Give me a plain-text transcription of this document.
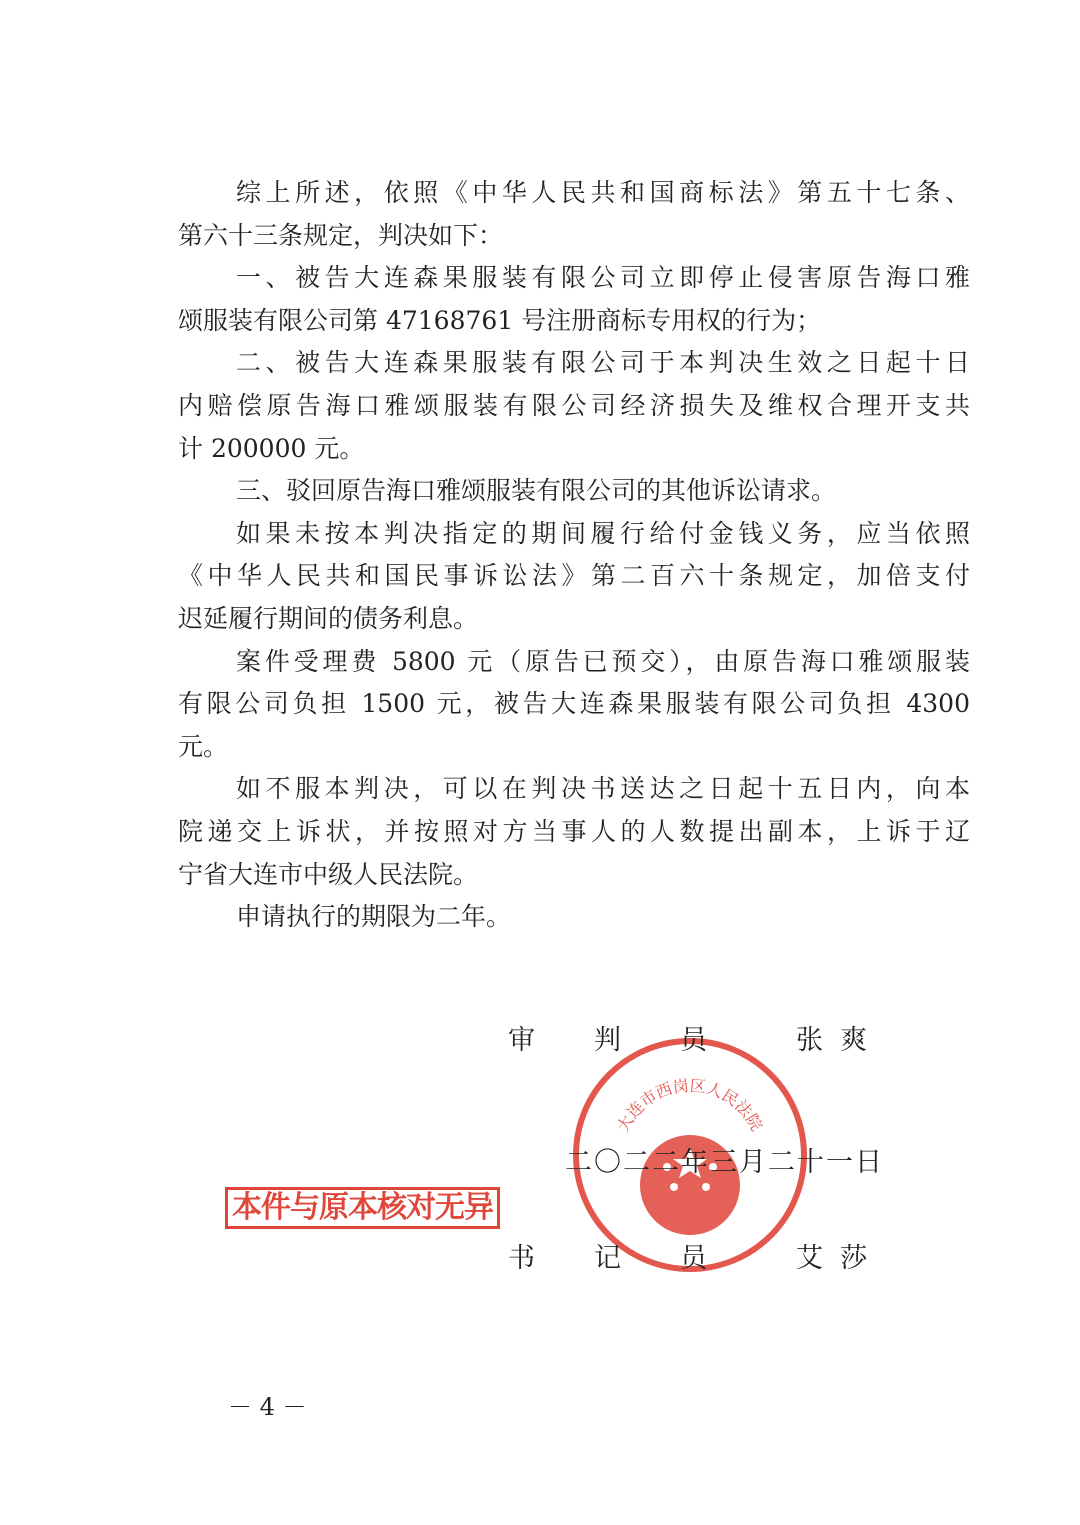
综上所述，依照《中华人民共和国商标法》第五十七条、
第六十三条规定，判决如下：
一、被告大连森果服装有限公司立即停止侵害原告海口雅
颂服装有限公司第 47168761 号注册商标专用权的行为；
二、被告大连森果服装有限公司于本判决生效之日起十日
内赔偿原告海口雅颂服装有限公司经济损失及维权合理开支共
计 200000 元。
三、驳回原告海口雅颂服装有限公司的其他诉讼请求。
如果未按本判决指定的期间履行给付金钱义务，应当依照
《中华人民共和国民事诉讼法》第二百六十条规定，加倍支付
迟延履行期间的债务利息。
案件受理费 5800 元（原告已预交），由原告海口雅颂服装
有限公司负担 1500 元，被告大连森果服装有限公司负担 4300
元。
如不服本判决，可以在判决书送达之日起十五日内，向本
院递交上诉状，并按照对方当事人的人数提出副本，上诉于辽
宁省大连市中级人民法院。
申请执行的期限为二年。
大连市西岗区人民法院
审 判 员	张  爽
二〇二二年三月二十一日
书 记 员	艾  莎
本件与原本核对无异
－ 4 －
